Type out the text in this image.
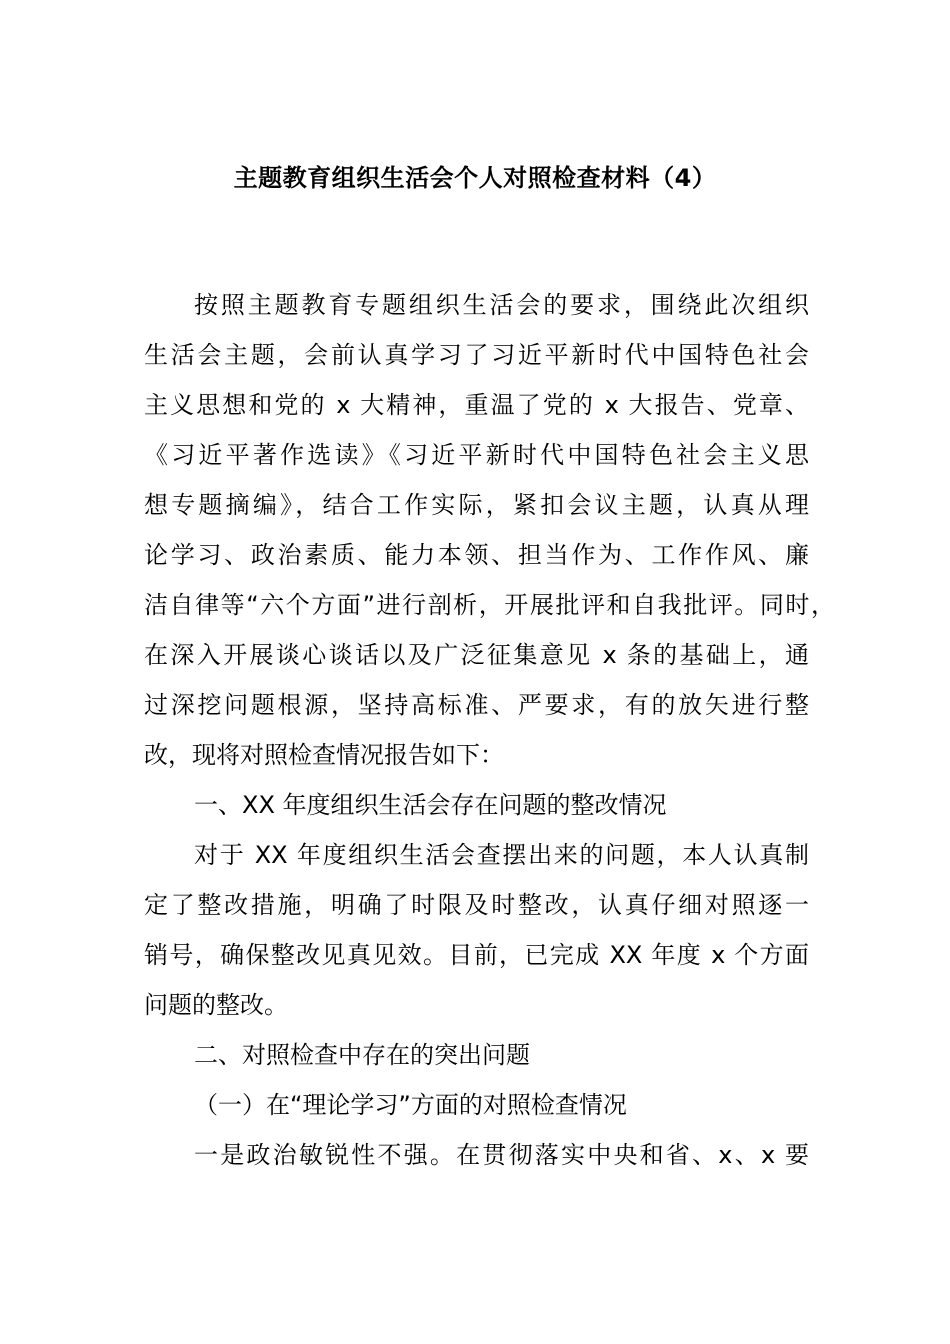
主题教育组织生活会个人对照检查材料（4）
按照主题教育专题组织生活会的要求，围绕此次组织
生活会主题，会前认真学习了习近平新时代中国特色社会
主义思想和党的 x 大精神，重温了党的 x 大报告、党章、
《习近平著作选读》《习近平新时代中国特色社会主义思
想专题摘编》，结合工作实际，紧扣会议主题，认真从理
论学习、政治素质、能力本领、担当作为、工作作风、廉
洁自律等“六个方面”进行剖析，开展批评和自我批评。同时，
在深入开展谈心谈话以及广泛征集意见 x 条的基础上，通
过深挖问题根源，坚持高标准、严要求，有的放矢进行整
改，现将对照检查情况报告如下：
一、XX 年度组织生活会存在问题的整改情况
对于 XX 年度组织生活会查摆出来的问题，本人认真制
定了整改措施，明确了时限及时整改，认真仔细对照逐一
销号，确保整改见真见效。目前，已完成 XX 年度 x 个方面
问题的整改。
二、对照检查中存在的突出问题
（一）在“理论学习”方面的对照检查情况
一是政治敏锐性不强。在贯彻落实中央和省、x、x 要
